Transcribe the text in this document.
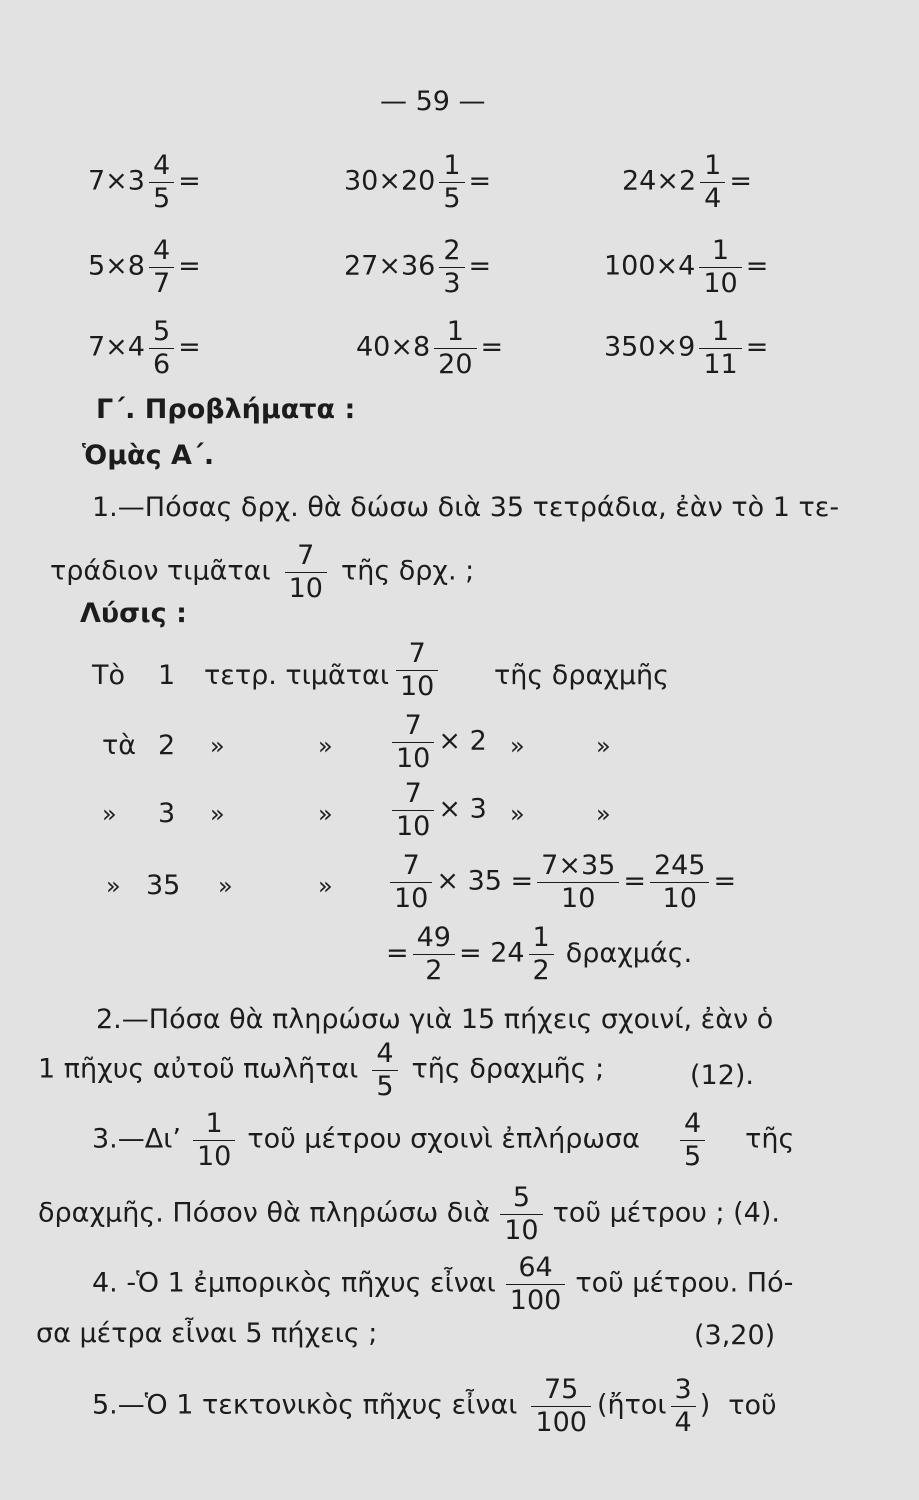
— 59 —
$7\times 3 \frac{4}{5}$ =	$30\times 20 \frac{1}{5}$ =	$24\times 2 \frac{1}{4}$ =
$5\times 8 \frac{4}{7}$ =	$27\times 36 \frac{2}{3}$ =	$100\times 4 \frac{1}{10}$ =
$7\times 4 \frac{5}{6}$ =	$40\times 8 \frac{1}{20}$ =	$350\times 9 \frac{1}{11}$ =
Γ΄. Προβλήματα :
Ὁμὰς Α΄.
1.—Πόσας δρχ. θὰ δώσω διὰ 35 τετράδια, ἐὰν τὸ 1 τε-
τράδιον τιμᾶται $\frac{7}{10}$ τῆς δρχ. ;
Λύσις :
Τὸ 1 τετρ. τιμᾶται $\frac{7}{10}$ τῆς δραχμῆς
τὰ 2 »	» $\frac{7}{10} \times 2$ »	»
» 3 »	» $\frac{7}{10} \times 3$ »	»
» 35 »	» $\frac{7}{10} \times 35 = \frac{7\times 35}{10} = \frac{245}{10}$ =
= $\frac{49}{2} = 24 \frac{1}{2} \delta\rho\alpha\chi\mu ά\varsigma$.
2.—Πόσα θὰ πληρώσω γιὰ 15 πήχεις σχοινί, ἐὰν ὁ
1 πῆχυς αὐτοῦ πωλῆται $\frac{4}{5}$ τῆς δραχμῆς ;	(12).
3.—Δι’ $\frac{1}{10}$ τοῦ μέτρου σχοινὶ ἐπλήρωσα $\frac{4}{5}$ τῆς
δραχμῆς. Πόσον θὰ πληρώσω διὰ $\frac{5}{10}$ τοῦ μέτρου ; (4).
4. -Ὁ 1 ἐμπορικὸς πῆχυς εἶναι $\frac{64}{100}$ τοῦ μέτρου. Πό-
σα μέτρα εἶναι 5 πήχεις ;	(3,20)
5.—Ὁ 1 τεκτονικὸς πῆχυς εἶναι $\frac{75}{100}$ (ἤτοι $\frac{3}{4}$ ) τοῦ
